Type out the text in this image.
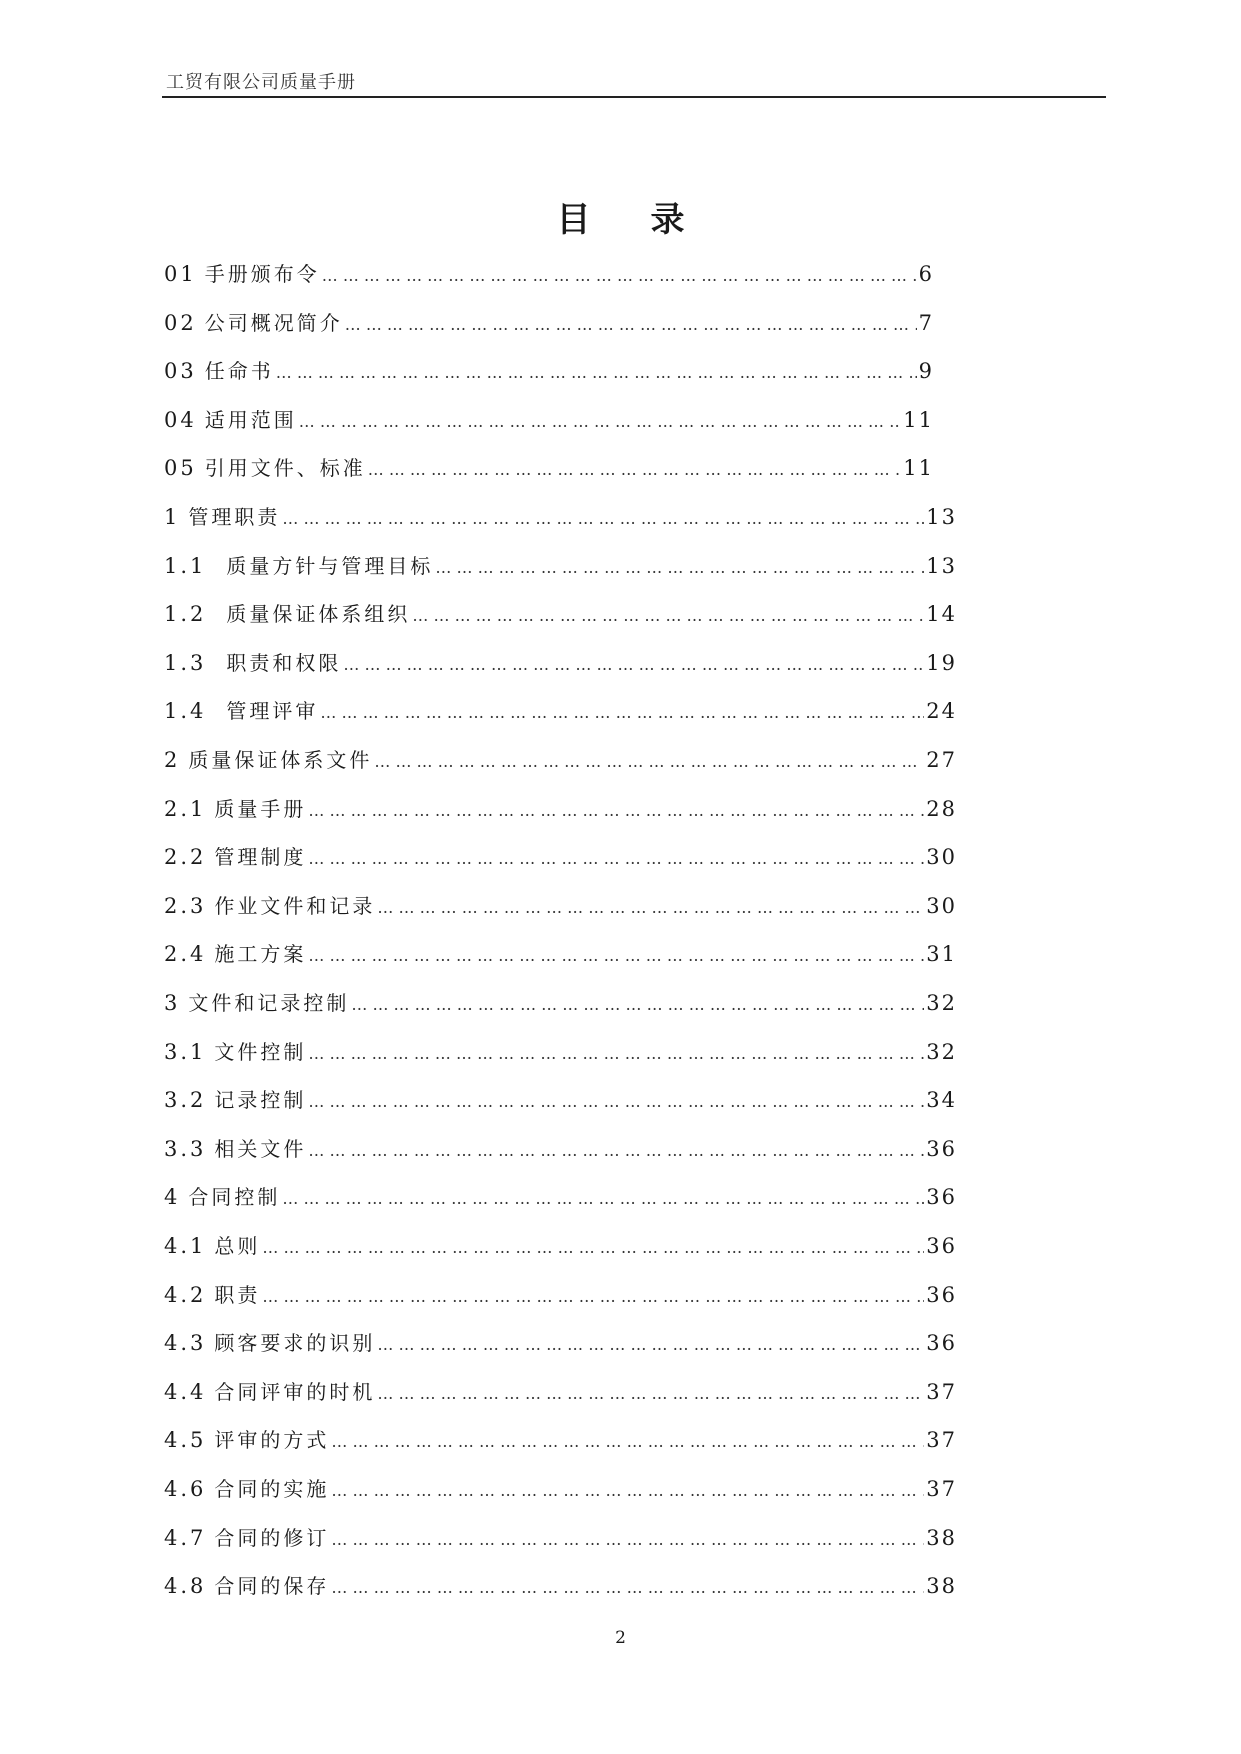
工贸有限公司质量手册
目录
01 手册颁布令 … … … … … … … … … … … … … … … … … … … … … … … … … … … … … … … … … … … … … … … … … … … … … … … … … … … … … … …	6
02 公司概况简介 … … … … … … … … … … … … … … … … … … … … … … … … … … … … … … … … … … … … … … … … … … … … … … … … … … … … … … …	7
03 任命书 … … … … … … … … … … … … … … … … … … … … … … … … … … … … … … … … … … … … … … … … … … … … … … … … … … … … … … …	9
04 适用范围 … … … … … … … … … … … … … … … … … … … … … … … … … … … … … … … … … … … … … … … … … … … … … … … … … … … … … … …	11
05 引用文件、标准 … … … … … … … … … … … … … … … … … … … … … … … … … … … … … … … … … … … … … … … … … … … … … … … … … … … … … … …	11
1 管理职责 … … … … … … … … … … … … … … … … … … … … … … … … … … … … … … … … … … … … … … … … … … … … … … … … … … … … … … …	13
1.1 质量方针与管理目标 … … … … … … … … … … … … … … … … … … … … … … … … … … … … … … … … … … … … … … … … … … … … … … … … … … … … … … …	13
1.2 质量保证体系组织 … … … … … … … … … … … … … … … … … … … … … … … … … … … … … … … … … … … … … … … … … … … … … … … … … … … … … … …	14
1.3 职责和权限 … … … … … … … … … … … … … … … … … … … … … … … … … … … … … … … … … … … … … … … … … … … … … … … … … … … … … … …	19
1.4 管理评审 … … … … … … … … … … … … … … … … … … … … … … … … … … … … … … … … … … … … … … … … … … … … … … … … … … … … … … …	24
2 质量保证体系文件 … … … … … … … … … … … … … … … … … … … … … … … … … … … … … … … … … … … … … … … … … … … … … … … … … … … … … … …	27
2.1 质量手册 … … … … … … … … … … … … … … … … … … … … … … … … … … … … … … … … … … … … … … … … … … … … … … … … … … … … … … …	28
2.2 管理制度 … … … … … … … … … … … … … … … … … … … … … … … … … … … … … … … … … … … … … … … … … … … … … … … … … … … … … … …	30
2.3 作业文件和记录 … … … … … … … … … … … … … … … … … … … … … … … … … … … … … … … … … … … … … … … … … … … … … … … … … … … … … … …	30
2.4 施工方案 … … … … … … … … … … … … … … … … … … … … … … … … … … … … … … … … … … … … … … … … … … … … … … … … … … … … … … …	31
3 文件和记录控制 … … … … … … … … … … … … … … … … … … … … … … … … … … … … … … … … … … … … … … … … … … … … … … … … … … … … … … …	32
3.1 文件控制 … … … … … … … … … … … … … … … … … … … … … … … … … … … … … … … … … … … … … … … … … … … … … … … … … … … … … … …	32
3.2 记录控制 … … … … … … … … … … … … … … … … … … … … … … … … … … … … … … … … … … … … … … … … … … … … … … … … … … … … … … …	34
3.3 相关文件 … … … … … … … … … … … … … … … … … … … … … … … … … … … … … … … … … … … … … … … … … … … … … … … … … … … … … … …	36
4 合同控制 … … … … … … … … … … … … … … … … … … … … … … … … … … … … … … … … … … … … … … … … … … … … … … … … … … … … … … …	36
4.1 总则 … … … … … … … … … … … … … … … … … … … … … … … … … … … … … … … … … … … … … … … … … … … … … … … … … … … … … … …	36
4.2 职责 … … … … … … … … … … … … … … … … … … … … … … … … … … … … … … … … … … … … … … … … … … … … … … … … … … … … … … …	36
4.3 顾客要求的识别 … … … … … … … … … … … … … … … … … … … … … … … … … … … … … … … … … … … … … … … … … … … … … … … … … … … … … … …	36
4.4 合同评审的时机 … … … … … … … … … … … … … … … … … … … … … … … … … … … … … … … … … … … … … … … … … … … … … … … … … … … … … … …	37
4.5 评审的方式 … … … … … … … … … … … … … … … … … … … … … … … … … … … … … … … … … … … … … … … … … … … … … … … … … … … … … … …	37
4.6 合同的实施 … … … … … … … … … … … … … … … … … … … … … … … … … … … … … … … … … … … … … … … … … … … … … … … … … … … … … … …	37
4.7 合同的修订 … … … … … … … … … … … … … … … … … … … … … … … … … … … … … … … … … … … … … … … … … … … … … … … … … … … … … … …	38
4.8 合同的保存 … … … … … … … … … … … … … … … … … … … … … … … … … … … … … … … … … … … … … … … … … … … … … … … … … … … … … … …	38
2
